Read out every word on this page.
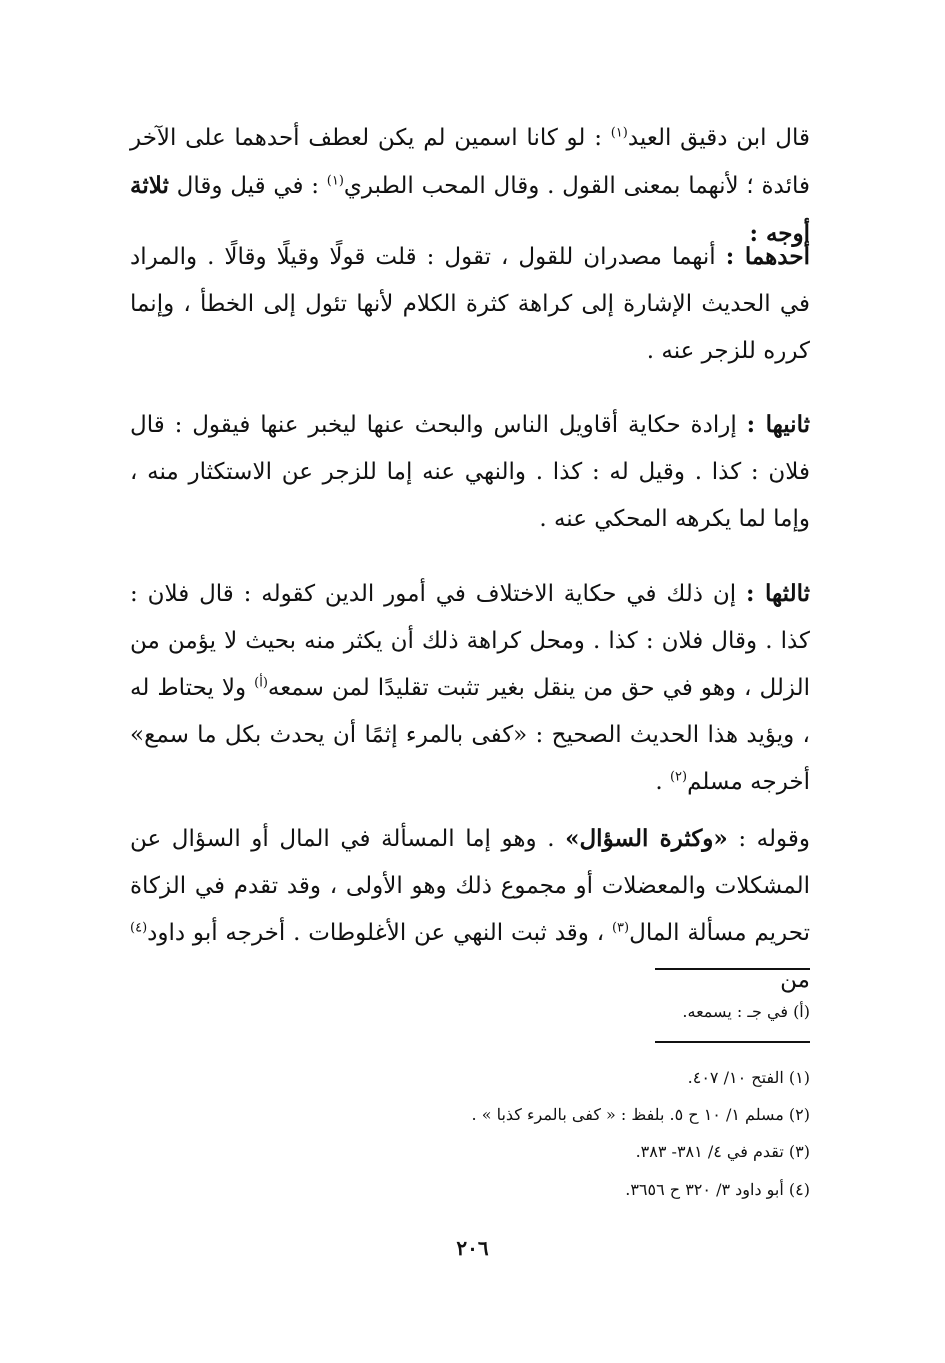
قال ابن دقيق العيد$^{(١)}$ : لو كانا اسمين لم يكن لعطف أحدهما على الآخر فائدة ؛ لأنهما بمعنى القول . وقال المحب الطبري$^{(١)}$ : في قيل وقال ثلاثة أوجه :

أحدهما : أنهما مصدران للقول ، تقول : قلت قولًا وقيلًا وقالًا . والمراد في الحديث الإشارة إلى كراهة كثرة الكلام لأنها تئول إلى الخطأ ، وإنما كرره للزجر عنه .

ثانيها : إرادة حكاية أقاويل الناس والبحث عنها ليخبر عنها فيقول : قال فلان : كذا . وقيل له : كذا . والنهي عنه إما للزجر عن الاستكثار منه ، وإما لما يكرهه المحكي عنه .

ثالثها : إن ذلك في حكاية الاختلاف في أمور الدين كقوله : قال فلان : كذا . وقال فلان : كذا . ومحل كراهة ذلك أن يكثر منه بحيث لا يؤمن من الزلل ، وهو في حق من ينقل بغير تثبت تقليدًا لمن سمعه$^{(أ)}$ ولا يحتاط له ، ويؤيد هذا الحديث الصحيح : «كفى بالمرء إثمًا أن يحدث بكل ما سمع» أخرجه مسلم$^{(٢)}$ .

وقوله : «وكثرة السؤال» . وهو إما المسألة في المال أو السؤال عن المشكلات والمعضلات أو مجموع ذلك وهو الأولى ، وقد تقدم في الزكاة تحريم مسألة المال$^{(٣)}$ ، وقد ثبت النهي عن الأغلوطات . أخرجه أبو داود$^{(٤)}$ من

(أ) في جـ : يسمعه.
(١) الفتح ١٠/ ٤٠٧.
(٢) مسلم ١/ ١٠ ح ٥. بلفظ : « كفى بالمرء كذبا » .
(٣) تقدم في ٤/ ٣٨١- ٣٨٣.
(٤) أبو داود ٣/ ٣٢٠ ح ٣٦٥٦.
٢٠٦
